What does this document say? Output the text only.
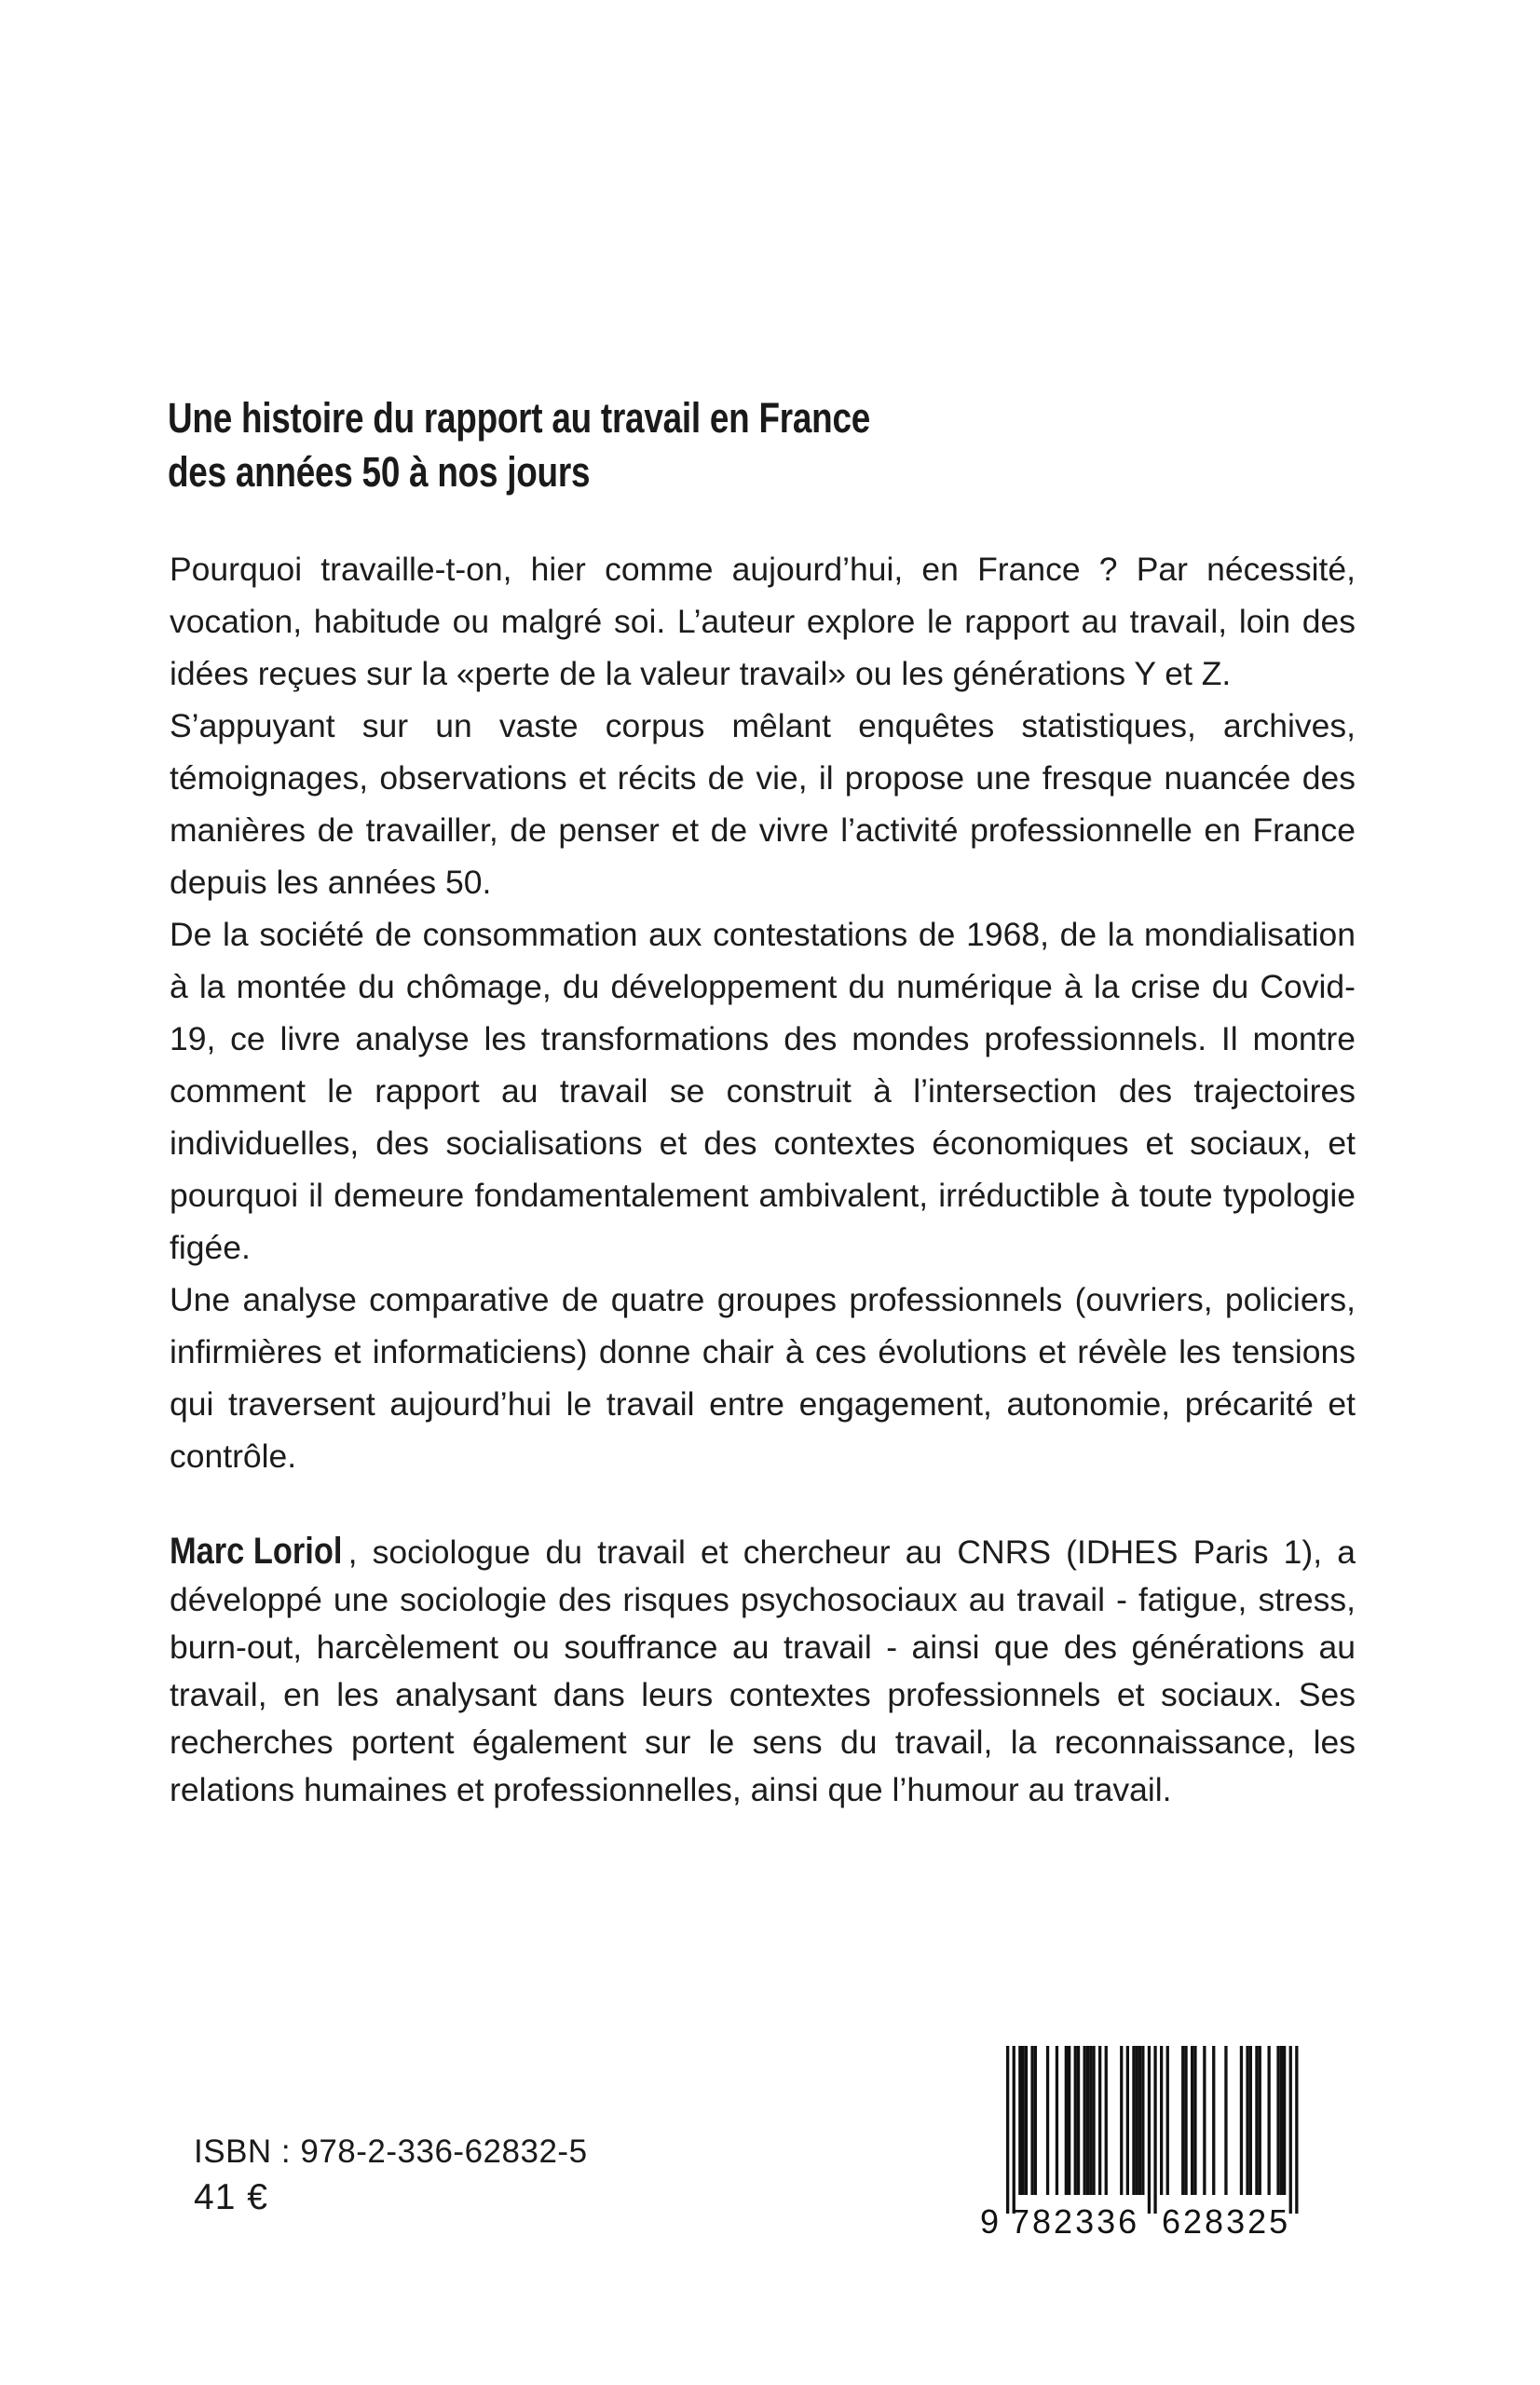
Une histoire du rapport au travail en France
des années 50 à nos jours

Pourquoi travaille-t-on, hier comme aujourd’hui, en France ? Par nécessité, vocation, habitude ou malgré soi. L’auteur explore le rapport au travail, loin des idées reçues sur la «perte de la valeur travail» ou les générations Y et Z.

S’appuyant sur un vaste corpus mêlant enquêtes statistiques, archives, témoignages, observations et récits de vie, il propose une fresque nuancée des manières de travailler, de penser et de vivre l’activité professionnelle en France depuis les années 50.

De la société de consommation aux contestations de 1968, de la mondialisation à la montée du chômage, du développement du numérique à la crise du Covid-19, ce livre analyse les transformations des mondes professionnels. Il montre comment le rapport au travail se construit à l’intersection des trajectoires individuelles, des socialisations et des contextes économiques et sociaux, et pourquoi il demeure fondamentalement ambivalent, irréductible à toute typologie figée.

Une analyse comparative de quatre groupes professionnels (ouvriers, policiers, infirmières et informaticiens) donne chair à ces évolutions et révèle les tensions qui traversent aujourd’hui le travail entre engagement, autonomie, précarité et contrôle.

Marc Loriol , sociologue du travail et chercheur au CNRS (IDHES Paris 1), a développé une sociologie des risques psychosociaux au travail - fatigue, stress, burn-out, harcèlement ou souffrance au travail - ainsi que des générations au travail, en les analysant dans leurs contextes professionnels et sociaux. Ses recherches portent également sur le sens du travail, la reconnaissance, les relations humaines et professionnelles, ainsi que l’humour au travail.
ISBN : 978-2-336-62832-5
41 €
9 782336 628325
